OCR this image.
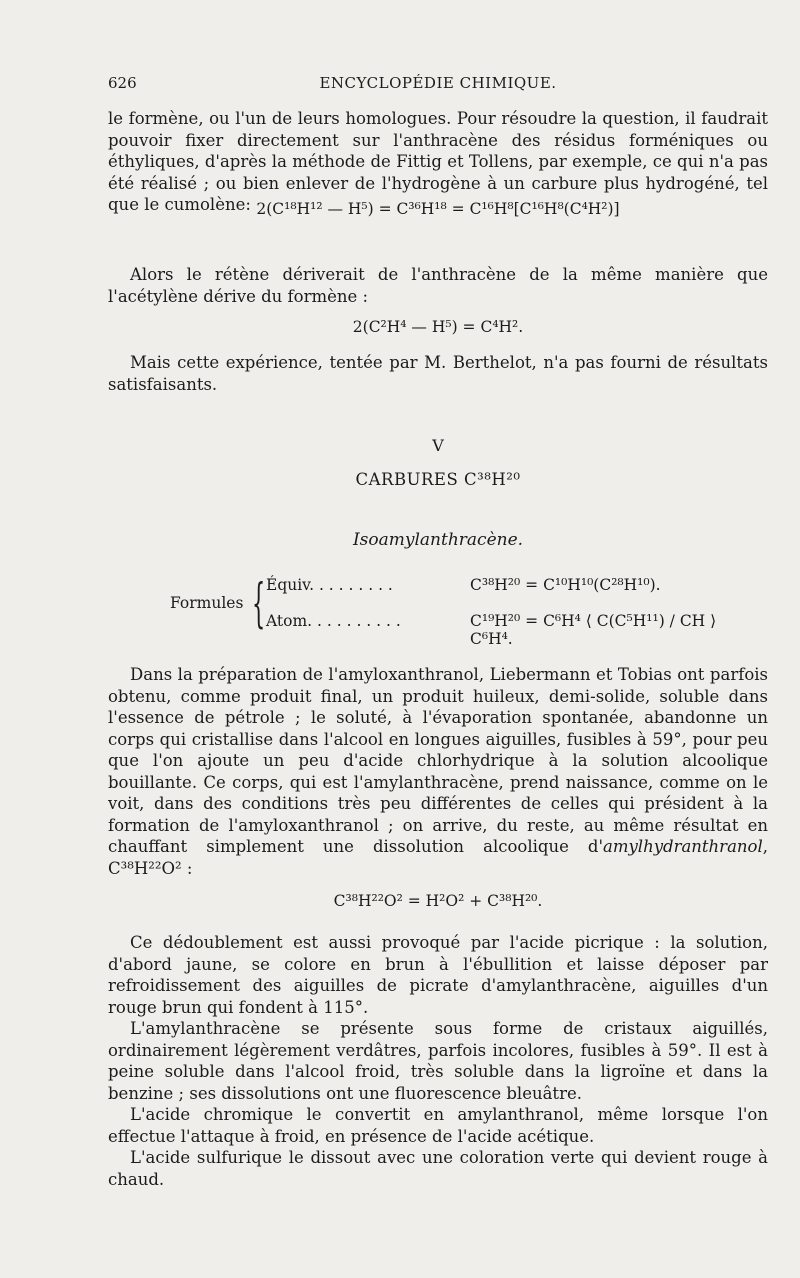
626	ENCYCLOPÉDIE CHIMIQUE.

le formène, ou l'un de leurs homologues. Pour résoudre la question, il faudrait pouvoir fixer directement sur l'anthracène des résidus forméniques ou éthyliques, d'après la méthode de Fittig et Tollens, par exemple, ce qui n'a pas été réalisé ; ou bien enlever de l'hydrogène à un carbure plus hydrogéné, tel que le cumolène: 2(C¹⁸H¹² — H⁵) = C³⁶H¹⁸ = C¹⁶H⁸[C¹⁶H⁸(C⁴H²)]

Alors le rétène dériverait de l'anthracène de la même manière que l'acétylène dérive du formène :

2(C²H⁴ — H⁵) = C⁴H².

Mais cette expérience, tentée par M. Berthelot, n'a pas fourni de résultats satisfaisants.

V
CARBURES C³⁸H²⁰
Isoamylanthracène.
Formules { Équiv. . . . . . . . .	C³⁸H²⁰ = C¹⁰H¹⁰(C²⁸H¹⁰).
Atom. . . . . . . . . .	C¹⁹H²⁰ = C⁶H⁴ ⟨ C(C⁵H¹¹) / CH ⟩ C⁶H⁴.

Dans la préparation de l'amyloxanthranol, Liebermann et Tobias ont parfois obtenu, comme produit final, un produit huileux, demi-solide, soluble dans l'essence de pétrole ; le soluté, à l'évaporation spontanée, abandonne un corps qui cristallise dans l'alcool en longues aiguilles, fusibles à 59°, pour peu que l'on ajoute un peu d'acide chlorhydrique à la solution alcoolique bouillante. Ce corps, qui est l'amylanthracène, prend naissance, comme on le voit, dans des conditions très peu différentes de celles qui président à la formation de l'amyloxanthranol ; on arrive, du reste, au même résultat en chauffant simplement une dissolution alcoolique d'amylhydranthranol, C³⁸H²²O² :

C³⁸H²²O² = H²O² + C³⁸H²⁰.

Ce dédoublement est aussi provoqué par l'acide picrique : la solution, d'abord jaune, se colore en brun à l'ébullition et laisse déposer par refroidissement des aiguilles de picrate d'amylanthracène, aiguilles d'un rouge brun qui fondent à 115°.

L'amylanthracène se présente sous forme de cristaux aiguillés, ordinairement légèrement verdâtres, parfois incolores, fusibles à 59°. Il est à peine soluble dans l'alcool froid, très soluble dans la ligroïne et dans la benzine ; ses dissolutions ont une fluorescence bleuâtre.

L'acide chromique le convertit en amylanthranol, même lorsque l'on effectue l'attaque à froid, en présence de l'acide acétique.

L'acide sulfurique le dissout avec une coloration verte qui devient rouge à chaud.
